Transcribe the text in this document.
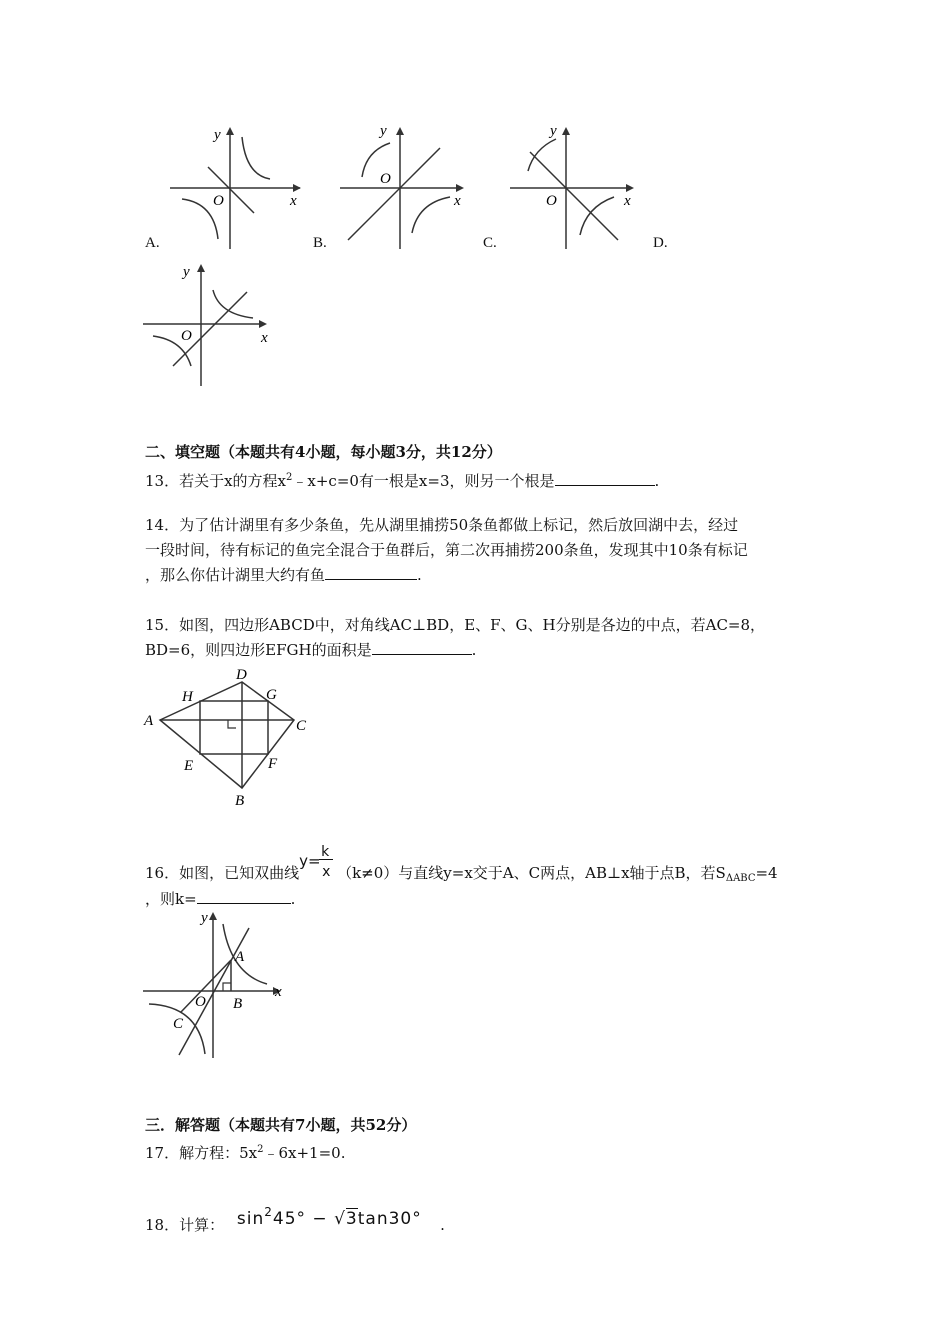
A.
y
O	x
B.
y
O
x
C.
y
O	x
D.
y
O	x
二、填空题（本题共有4小题，每小题3分，共12分）
13．若关于x的方程$x^2﹣x+c=0$有一根是x=3，则另一个根是	.
14．为了估计湖里有多少条鱼，先从湖里捕捞50条鱼都做上标记，然后放回湖中去，经过
一段时间，待有标记的鱼完全混合于鱼群后，第二次再捕捞200条鱼，发现其中10条有标记
，那么你估计湖里大约有鱼	.
15．如图，四边形ABCD中，对角线AC⊥BD，E、F、G、H分别是各边的中点，若AC=8，
BD=6，则四边形EFGH的面积是	.
A
D
C
B
H	G
E	F
16．如图，已知双曲线
y= k
x （k≠0）与直线y=x交于A、C两点，AB⊥x轴于点B，若$S_{\Delta ABC}=4$
，则k=	.
y
x
O
A
B
C
三．解答题（本题共有7小题，共52分）
17．解方程：$5x^2﹣6x+1=0$.
18．计算： $\sin^245^\circ - √3\tan 30^\circ$ .
